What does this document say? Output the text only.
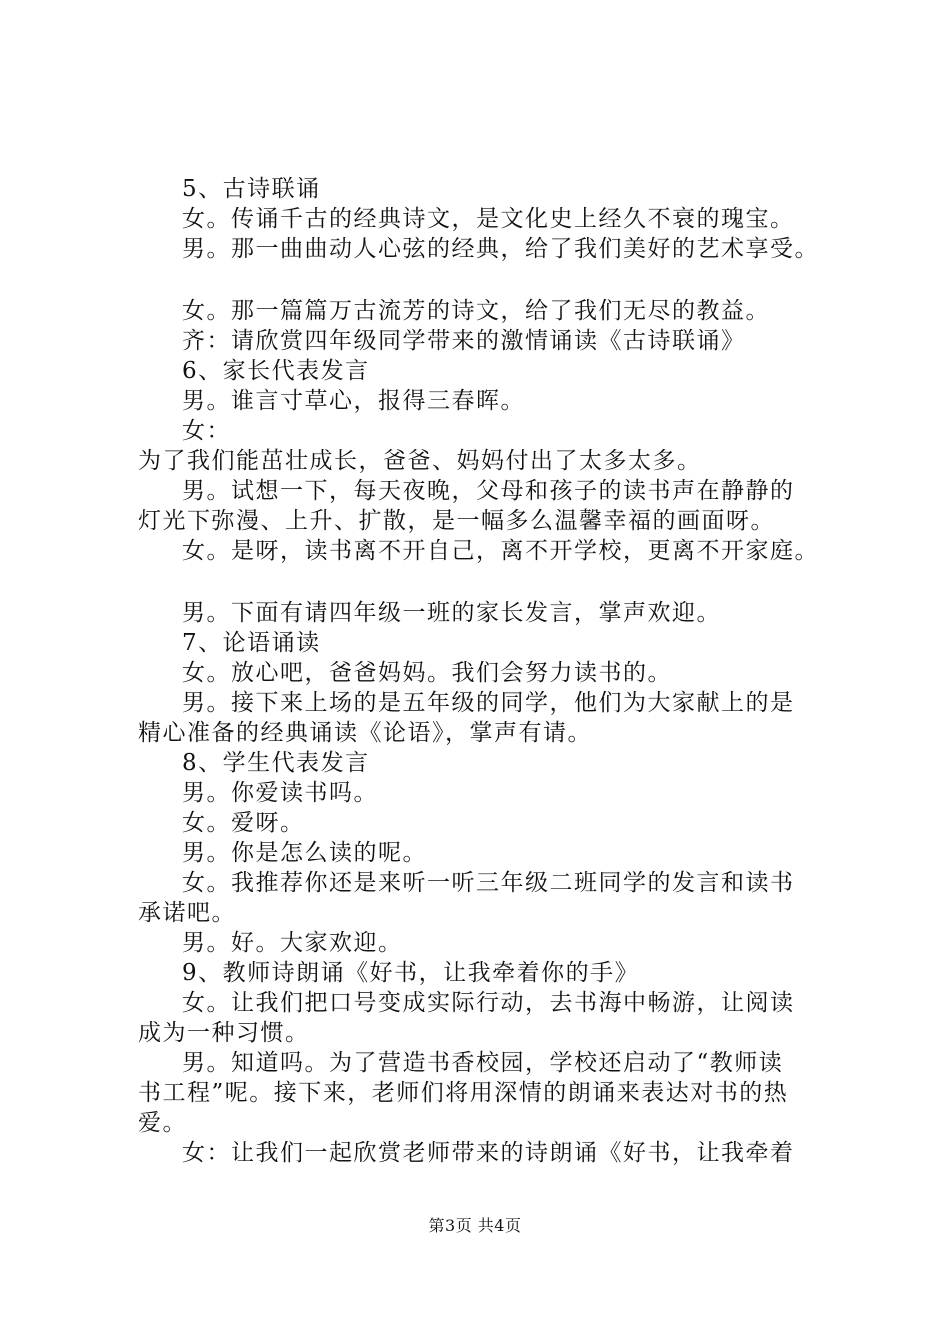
5、古诗联诵
女。传诵千古的经典诗文，是文化史上经久不衰的瑰宝。
男。那一曲曲动人心弦的经典，给了我们美好的艺术享受。
女。那一篇篇万古流芳的诗文，给了我们无尽的教益。
齐：请欣赏四年级同学带来的激情诵读《古诗联诵》
6、家长代表发言
男。谁言寸草心，报得三春晖。
女：
为了我们能茁壮成长，爸爸、妈妈付出了太多太多。
男。试想一下，每天夜晚，父母和孩子的读书声在静静的
灯光下弥漫、上升、扩散，是一幅多么温馨幸福的画面呀。
女。是呀，读书离不开自己，离不开学校，更离不开家庭。
男。下面有请四年级一班的家长发言，掌声欢迎。
7、论语诵读
女。放心吧，爸爸妈妈。我们会努力读书的。
男。接下来上场的是五年级的同学，他们为大家献上的是
精心准备的经典诵读《论语》，掌声有请。
8、学生代表发言
男。你爱读书吗。
女。爱呀。
男。你是怎么读的呢。
女。我推荐你还是来听一听三年级二班同学的发言和读书
承诺吧。
男。好。大家欢迎。
9、教师诗朗诵《好书，让我牵着你的手》
女。让我们把口号变成实际行动，去书海中畅游，让阅读
成为一种习惯。
男。知道吗。为了营造书香校园，学校还启动了“教师读
书工程”呢。接下来，老师们将用深情的朗诵来表达对书的热
爱。
女：让我们一起欣赏老师带来的诗朗诵《好书，让我牵着
第3页 共4页
